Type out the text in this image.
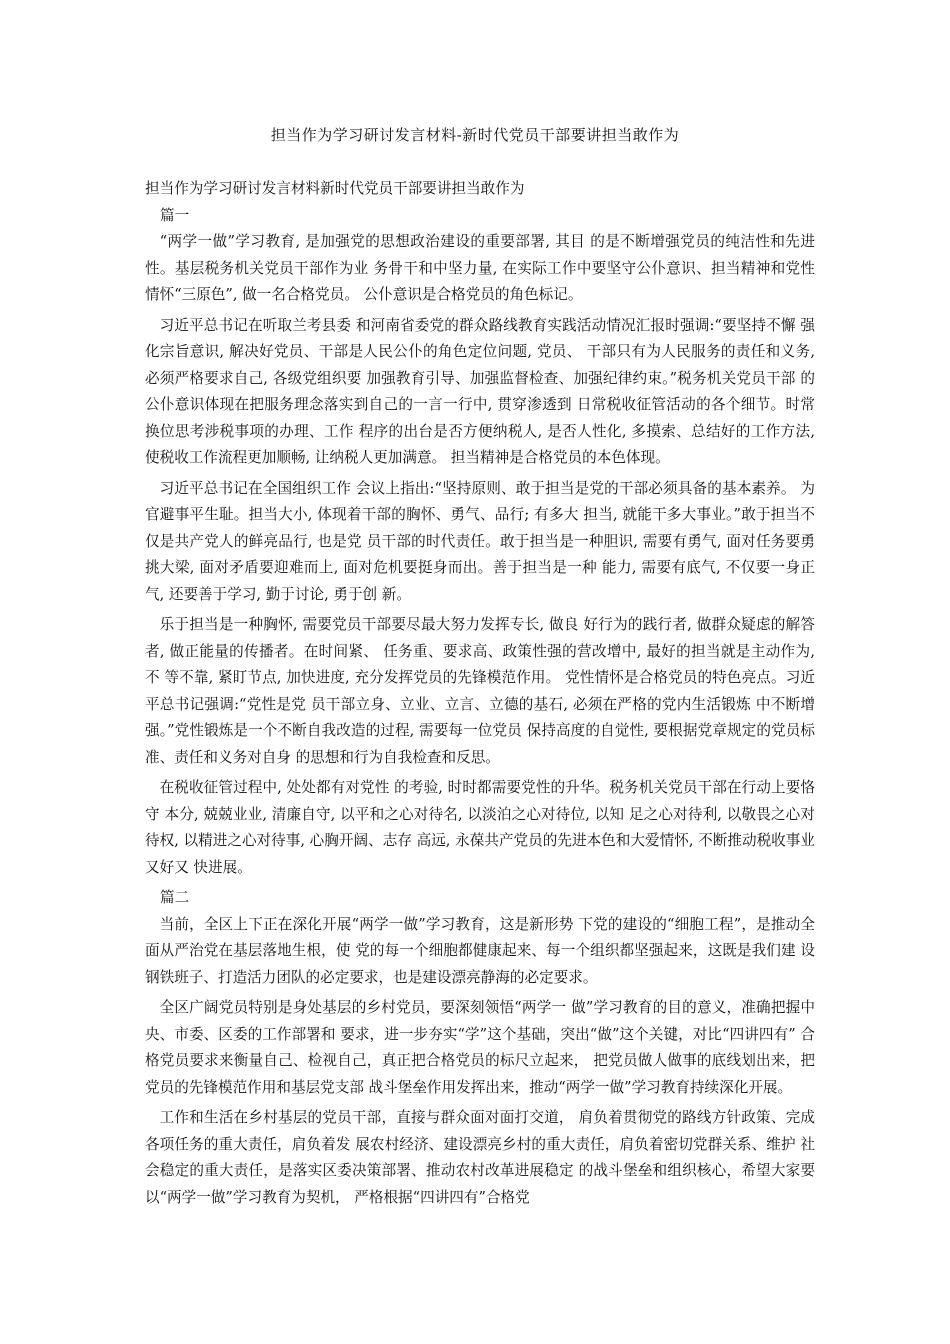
担当作为学习研讨发言材料-新时代党员干部要讲担当敢作为

担当作为学习研讨发言材料新时代党员干部要讲担当敢作为

篇一

“两学一做”学习教育, 是加强党的思想政治建设的重要部署, 其目 的是不断增强党员的纯洁性和先进性。基层税务机关党员干部作为业 务骨干和中坚力量, 在实际工作中要坚守公仆意识、担当精神和党性 情怀“三原色”, 做一名合格党员。 公仆意识是合格党员的角色标记。

习近平总书记在听取兰考县委 和河南省委党的群众路线教育实践活动情况汇报时强调:“要坚持不懈 强化宗旨意识, 解决好党员、干部是人民公仆的角色定位问题, 党员、 干部只有为人民服务的责任和义务, 必须严格要求自己, 各级党组织要 加强教育引导、加强监督检查、加强纪律约束。”税务机关党员干部 的公仆意识体现在把服务理念落实到自己的一言一行中, 贯穿渗透到 日常税收征管活动的各个细节。时常换位思考涉税事项的办理、工作 程序的出台是否方便纳税人, 是否人性化, 多摸索、总结好的工作方法, 使税收工作流程更加顺畅, 让纳税人更加满意。 担当精神是合格党员的本色体现。

习近平总书记在全国组织工作 会议上指出:“坚持原则、敢于担当是党的干部必须具备的基本素养。 为官避事平生耻。担当大小, 体现着干部的胸怀、勇气、品行; 有多大 担当, 就能干多大事业。”敢于担当不仅是共产党人的鲜亮品行, 也是党 员干部的时代责任。敢于担当是一种胆识, 需要有勇气, 面对任务要勇 挑大梁, 面对矛盾要迎难而上, 面对危机要挺身而出。善于担当是一种 能力, 需要有底气, 不仅要一身正气, 还要善于学习, 勤于讨论, 勇于创 新。

乐于担当是一种胸怀, 需要党员干部要尽最大努力发挥专长, 做良 好行为的践行者, 做群众疑虑的解答者, 做正能量的传播者。在时间紧、 任务重、要求高、政策性强的营改增中, 最好的担当就是主动作为, 不 等不靠, 紧盯节点, 加快进度, 充分发挥党员的先锋模范作用。 党性情怀是合格党员的特色亮点。习近平总书记强调:“党性是党 员干部立身、立业、立言、立德的基石, 必须在严格的党内生活锻炼 中不断增强。”党性锻炼是一个不断自我改造的过程, 需要每一位党员 保持高度的自觉性, 要根据党章规定的党员标准、责任和义务对自身 的思想和行为自我检查和反思。

在税收征管过程中, 处处都有对党性 的考验, 时时都需要党性的升华。税务机关党员干部在行动上要恪守 本分, 兢兢业业, 清廉自守, 以平和之心对待名, 以淡泊之心对待位, 以知 足之心对待利, 以敬畏之心对待权, 以精进之心对待事, 心胸开阔、志存 高远, 永葆共产党员的先进本色和大爱情怀, 不断推动税收事业又好又 快进展。

篇二

当前，全区上下正在深化开展“两学一做”学习教育，这是新形势 下党的建设的“细胞工程”，是推动全面从严治党在基层落地生根，使 党的每一个细胞都健康起来、每一个组织都坚强起来，这既是我们建 设钢铁班子、打造活力团队的必定要求，也是建设漂亮静海的必定要求。

全区广阔党员特别是身处基层的乡村党员，要深刻领悟“两学一 做”学习教育的目的意义，准确把握中央、市委、区委的工作部署和 要求，进一步夯实“学”这个基础，突出“做”这个关键，对比“四讲四有” 合格党员要求来衡量自己、检视自己，真正把合格党员的标尺立起来， 把党员做人做事的底线划出来，把党员的先锋模范作用和基层党支部 战斗堡垒作用发挥出来，推动“两学一做”学习教育持续深化开展。

工作和生活在乡村基层的党员干部，直接与群众面对面打交道， 肩负着贯彻党的路线方针政策、完成各项任务的重大责任，肩负着发 展农村经济、建设漂亮乡村的重大责任，肩负着密切党群关系、维护 社会稳定的重大责任，是落实区委决策部署、推动农村改革进展稳定 的战斗堡垒和组织核心，希望大家要以“两学一做”学习教育为契机， 严格根据“四讲四有”合格党
